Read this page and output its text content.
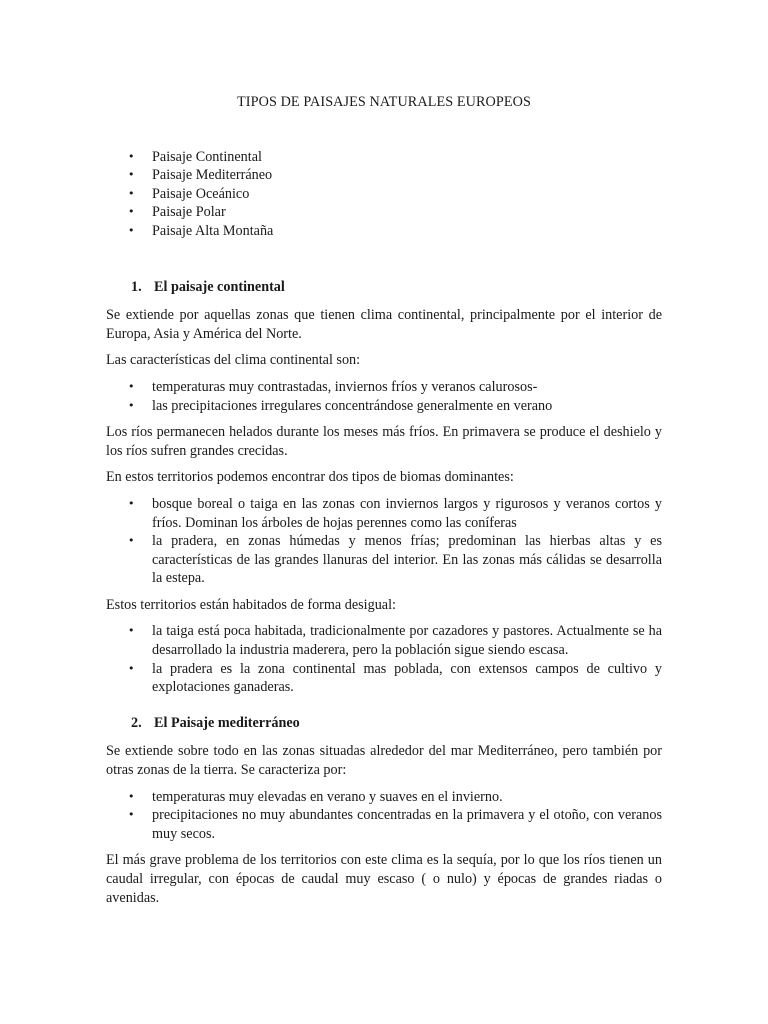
TIPOS DE PAISAJES NATURALES EUROPEOS
• Paisaje Continental
• Paisaje Mediterráneo
• Paisaje Oceánico
• Paisaje Polar
• Paisaje Alta Montaña
1. El paisaje continental

Se extiende por aquellas zonas que tienen clima continental, principalmente por el interior de Europa, Asia y América del Norte.

Las características del clima continental son:

• temperaturas muy contrastadas, inviernos fríos y veranos calurosos-
• las precipitaciones irregulares concentrándose generalmente en verano

Los ríos permanecen helados durante los meses más fríos. En primavera se produce el deshielo y los ríos sufren grandes crecidas.

En estos territorios podemos encontrar dos tipos de biomas dominantes:

• bosque boreal o taiga en las zonas con inviernos largos y rigurosos y veranos cortos y fríos. Dominan los árboles de hojas perennes como las coníferas
• la pradera, en zonas húmedas y menos frías; predominan las hierbas altas y es características de las grandes llanuras del interior. En las zonas más cálidas se desarrolla la estepa.

Estos territorios están habitados de forma desigual:

• la taiga está poca habitada, tradicionalmente por cazadores y pastores. Actualmente se ha desarrollado la industria maderera, pero la población sigue siendo escasa.
• la pradera es la zona continental mas poblada, con extensos campos de cultivo y explotaciones ganaderas.
2. El Paisaje mediterráneo

Se extiende sobre todo en las zonas situadas alrededor del mar Mediterráneo, pero también por otras zonas de la tierra. Se caracteriza por:

• temperaturas muy elevadas en verano y suaves en el invierno.
• precipitaciones no muy abundantes concentradas en la primavera y el otoño, con veranos muy secos.

El más grave problema de los territorios con este clima es la sequía, por lo que los ríos tienen un caudal irregular, con épocas de caudal muy escaso ( o nulo) y épocas de grandes riadas o avenidas.
